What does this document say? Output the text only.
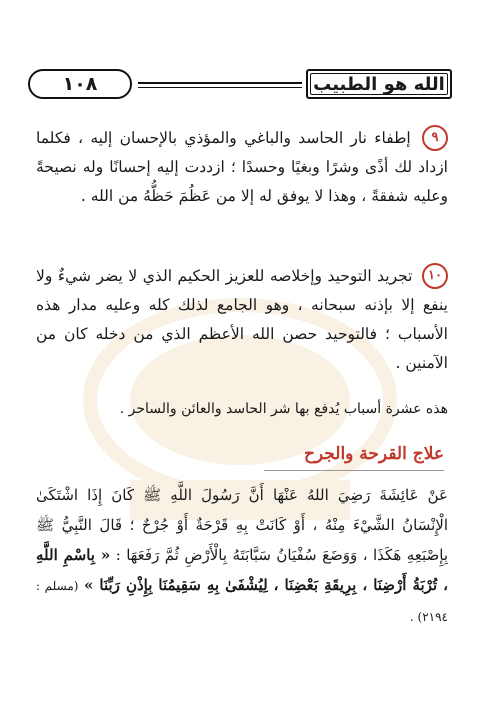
١٠٨	الله هو الطبيب
٩ إطفاء نار الحاسد والباغي والمؤذي بالإحسان إليه ، فكلما ازداد لك أذًى وشرًا وبغيًا وحسدًا ؛ ازددت إليه إحسانًا وله نصيحةً وعليه شفقةً ، وهذا لا يوفق له إلا من عَظُمَ حَظُّهُ من الله .
١٠ تجريد التوحيد وإخلاصه للعزيز الحكيم الذي لا يضر شيءٌ ولا ينفع إلا بإذنه سبحانه ، وهو الجامع لذلك كله وعليه مدار هذه الأسباب ؛ فالتوحيد حصن الله الأعظم الذي من دخله كان من الآمنين .
هذه عشرة أسباب يُدفع بها شر الحاسد والعائن والساحر .
علاج القرحة والجرح
عَنْ عَائِشَةَ رَضِيَ اللهُ عَنْهَا أَنَّ رَسُولَ اللَّهِ ﷺ كَانَ إِذَا اشْتَكَىٰ الْإِنْسَانُ الشَّيْءَ مِنْهُ ، أَوْ كَانَتْ بِهِ قَرْحَةٌ أَوْ جُرْحٌ ؛ قَالَ النَّبِيُّ ﷺ بِإِصْبَعِهِ هَكَذَا ، وَوَضَعَ سُفْيَانُ سَبَّابَتَهُ بِالْأَرْضِ ثُمَّ رَفَعَهَا : « بِاسْمِ اللَّهِ ، تُرْبَةُ أَرْضِنَا ، بِرِيقَةِ بَعْضِنَا ، لِيُشْفَىٰ بِهِ سَقِيمُنَا بِإِذْنِ رَبِّنَا » (مسلم : ٢١٩٤) .
